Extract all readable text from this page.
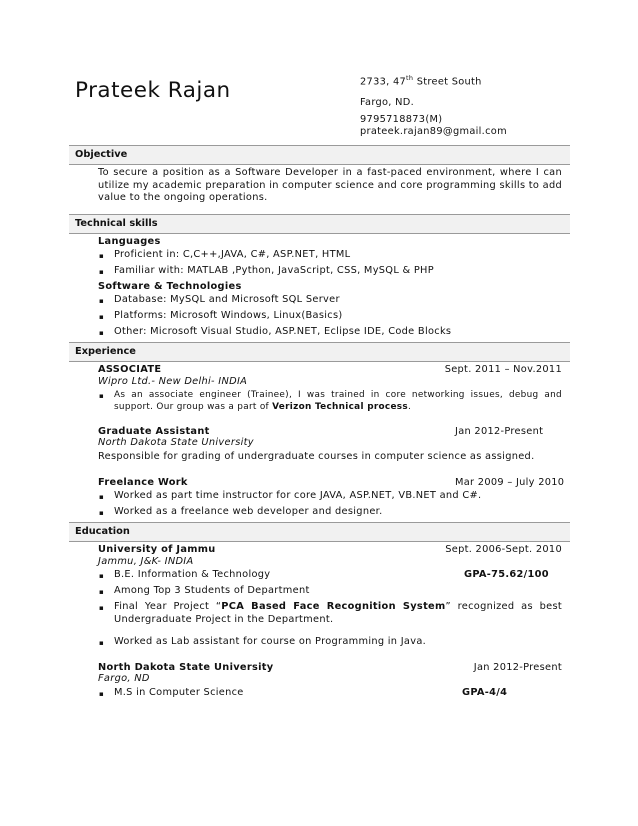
Prateek Rajan	2733, 47th Street South
Fargo, ND.
9795718873(M)
prateek.rajan89@gmail.com
Objective
To secure a position as a Software Developer in a fast-paced environment, where I can utilize my academic preparation in computer science and core programming skills to add value to the ongoing operations.
Technical skills
Languages
▪ Proficient in: C,C++,JAVA, C#, ASP.NET, HTML
▪ Familiar with: MATLAB ,Python, JavaScript, CSS, MySQL & PHP
Software & Technologies
▪ Database: MySQL and Microsoft SQL Server
▪ Platforms: Microsoft Windows, Linux(Basics)
▪ Other: Microsoft Visual Studio, ASP.NET, Eclipse IDE, Code Blocks
Experience
ASSOCIATE	Sept. 2011 – Nov.2011
Wipro Ltd.- New Delhi- INDIA
▪ As an associate engineer (Trainee), I was trained in core networking issues, debug and support. Our group was a part of Verizon Technical process.
Graduate Assistant	Jan 2012-Present
North Dakota State University
Responsible for grading of undergraduate courses in computer science as assigned.
Freelance Work	Mar 2009 – July 2010
▪ Worked as part time instructor for core JAVA, ASP.NET, VB.NET and C#.
▪ Worked as a freelance web developer and designer.
Education
University of Jammu	Sept. 2006-Sept. 2010
Jammu, J&K- INDIA
▪ B.E. Information & Technology	GPA-75.62/100
▪ Among Top 3 Students of Department
▪ Final Year Project “PCA Based Face Recognition System” recognized as best Undergraduate Project in the Department.
▪ Worked as Lab assistant for course on Programming in Java.
North Dakota State University	Jan 2012-Present
Fargo, ND
▪ M.S in Computer Science	GPA-4/4
